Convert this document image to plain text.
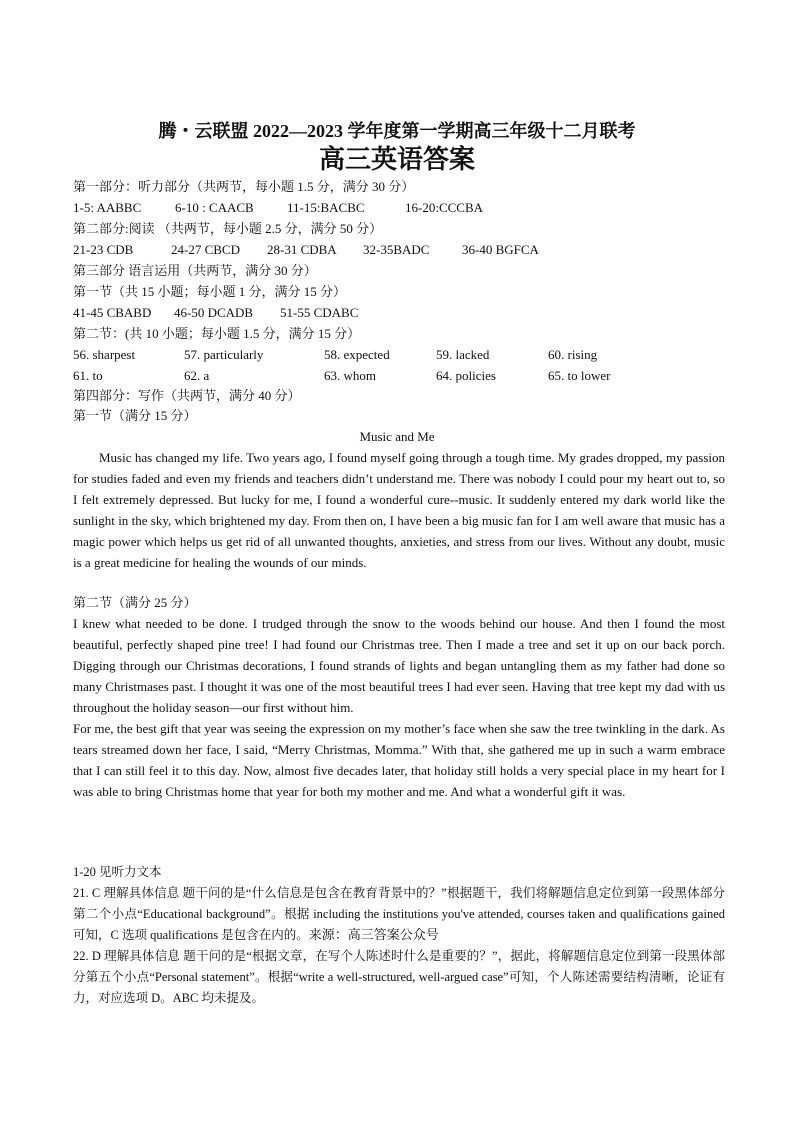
腾・云联盟 2022—2023 学年度第一学期高三年级十二月联考
高三英语答案
第一部分：听力部分（共两节，每小题 1.5 分，满分 30 分）
1-5: AABBC	6-10 : CAACB	11-15:BACBC	16-20:CCCBA
第二部分:阅读 （共两节，每小题 2.5 分，满分 50 分）
21-23 CDB	24-27 CBCD 28-31 CDBA 32-35BADC	36-40 BGFCA
第三部分 语言运用（共两节，满分 30 分）
第一节（共 15 小题；每小题 1 分，满分 15 分）
41-45 CBABD 46-50 DCADB 51-55 CDABC
第二节：(共 10 小题；每小题 1.5 分，满分 15 分）
56. sharpest	57. particularly	58. expected	59. lacked	60. rising
61. to	62. a	63. whom	64. policies	65. to lower
第四部分：写作（共两节，满分 40 分）
第一节（满分 15 分）
Music and Me
Music has changed my life. Two years ago, I found myself going through a tough time. My grades dropped, my passion for studies faded and even my friends and teachers didn’t understand me. There was nobody I could pour my heart out to, so I felt extremely depressed. But lucky for me, I found a wonderful cure--music. It suddenly entered my dark world like the sunlight in the sky, which brightened my day. From then on, I have been a big music fan for I am well aware that music has a magic power which helps us get rid of all unwanted thoughts, anxieties, and stress from our lives. Without any doubt, music is a great medicine for healing the wounds of our minds.
第二节（满分 25 分）
I knew what needed to be done. I trudged through the snow to the woods behind our house. And then I found the most beautiful, perfectly shaped pine tree! I had found our Christmas tree. Then I made a tree and set it up on our back porch. Digging through our Christmas decorations, I found strands of lights and began untangling them as my father had done so many Christmases past. I thought it was one of the most beautiful trees I had ever seen. Having that tree kept my dad with us throughout the holiday season—our first without him.
For me, the best gift that year was seeing the expression on my mother’s face when she saw the tree twinkling in the dark. As tears streamed down her face, I said, “Merry Christmas, Momma.” With that, she gathered me up in such a warm embrace that I can still feel it to this day. Now, almost five decades later, that holiday still holds a very special place in my heart for I was able to bring Christmas home that year for both my mother and me. And what a wonderful gift it was.
1-20 见听力文本
21. C 理解具体信息 题干问的是“什么信息是包含在教育背景中的？”根据题干，我们将解题信息定位到第一段黑体部分第二个小点“Educational background”。根据 including the institutions you've attended, courses taken and qualifications gained 可知，C 选项 qualifications 是包含在内的。来源：高三答案公众号
22. D 理解具体信息 题干问的是“根据文章，在写个人陈述时什么是重要的？”，据此，将解题信息定位到第一段黑体部分第五个小点“Personal statement”。根据“write a well-structured, well-argued case”可知，个人陈述需要结构清晰，论证有力，对应选项 D。ABC 均未提及。
